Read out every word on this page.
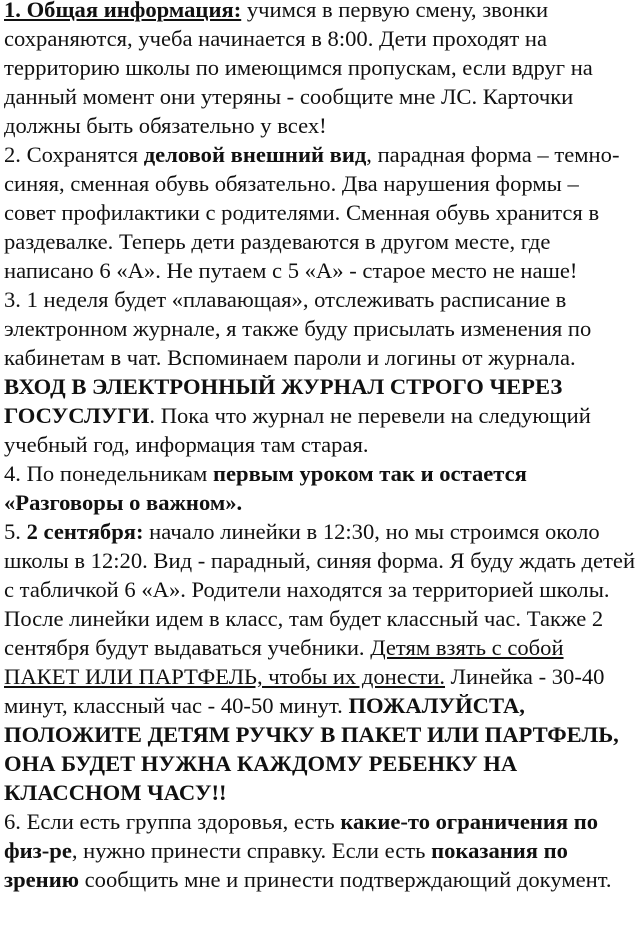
1. Общая информация: учимся в первую смену, звонки сохраняются, учеба начинается в 8:00. Дети проходят на территорию школы по имеющимся пропускам, если вдруг на данный момент они утеряны - сообщите мне ЛС. Карточки должны быть обязательно у всех!

2. Сохранятся деловой внешний вид, парадная форма – темно-синяя, сменная обувь обязательно. Два нарушения формы – совет профилактики с родителями. Сменная обувь хранится в раздевалке. Теперь дети раздеваются в другом месте, где написано 6 «А». Не путаем с 5 «А» - старое место не наше!

3. 1 неделя будет «плавающая», отслеживать расписание в электронном журнале, я также буду присылать изменения по кабинетам в чат. Вспоминаем пароли и логины от журнала. ВХОД В ЭЛЕКТРОННЫЙ ЖУРНАЛ СТРОГО ЧЕРЕЗ ГОСУСЛУГИ. Пока что журнал не перевели на следующий учебный год, информация там старая.

4. По понедельникам первым уроком так и остается «Разговоры о важном».

5. 2 сентября: начало линейки в 12:30, но мы строимся около школы в 12:20. Вид - парадный, синяя форма. Я буду ждать детей с табличкой 6 «А». Родители находятся за территорией школы. После линейки идем в класс, там будет классный час. Также 2 сентября будут выдаваться учебники. Детям взять с собой ПАКЕТ ИЛИ ПАРТФЕЛЬ, чтобы их донести. Линейка - 30-40 минут, классный час - 40-50 минут. ПОЖАЛУЙСТА, ПОЛОЖИТЕ ДЕТЯМ РУЧКУ В ПАКЕТ ИЛИ ПАРТФЕЛЬ, ОНА БУДЕТ НУЖНА КАЖДОМУ РЕБЕНКУ НА КЛАССНОМ ЧАСУ!!

6. Если есть группа здоровья, есть какие-то ограничения по физ-ре, нужно принести справку. Если есть показания по зрению сообщить мне и принести подтверждающий документ.
